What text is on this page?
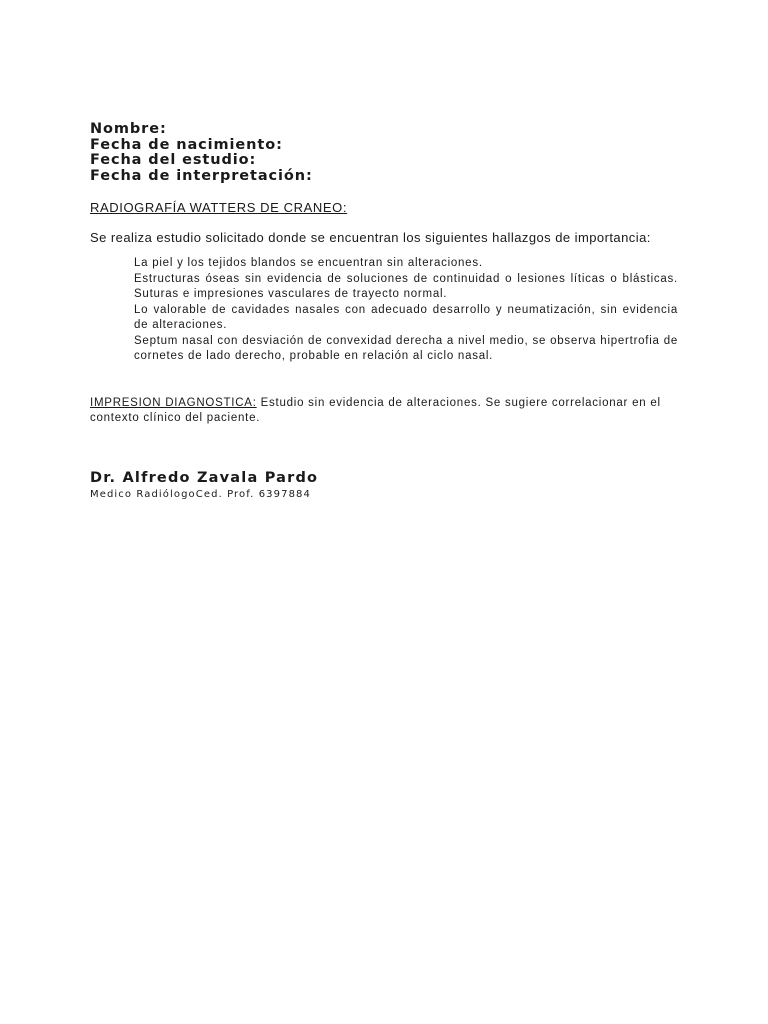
Nombre:
Fecha de nacimiento:
Fecha del estudio:
Fecha de interpretación:
RADIOGRAFÍA WATTERS DE CRANEO:
Se realiza estudio solicitado donde se encuentran los siguientes hallazgos de importancia:

La piel y los tejidos blandos se encuentran sin alteraciones.

Estructuras óseas sin evidencia de soluciones de continuidad o lesiones líticas o blásticas. Suturas e impresiones vasculares de trayecto normal.

Lo valorable de cavidades nasales con adecuado desarrollo y neumatización, sin evidencia de alteraciones.

Septum nasal con desviación de convexidad derecha a nivel medio, se observa hipertrofia de cornetes de lado derecho, probable en relación al ciclo nasal.

IMPRESION DIAGNOSTICA: Estudio sin evidencia de alteraciones. Se sugiere correlacionar en el contexto clínico del paciente.
Dr. Alfredo Zavala Pardo
Medico RadiólogoCed. Prof. 6397884
